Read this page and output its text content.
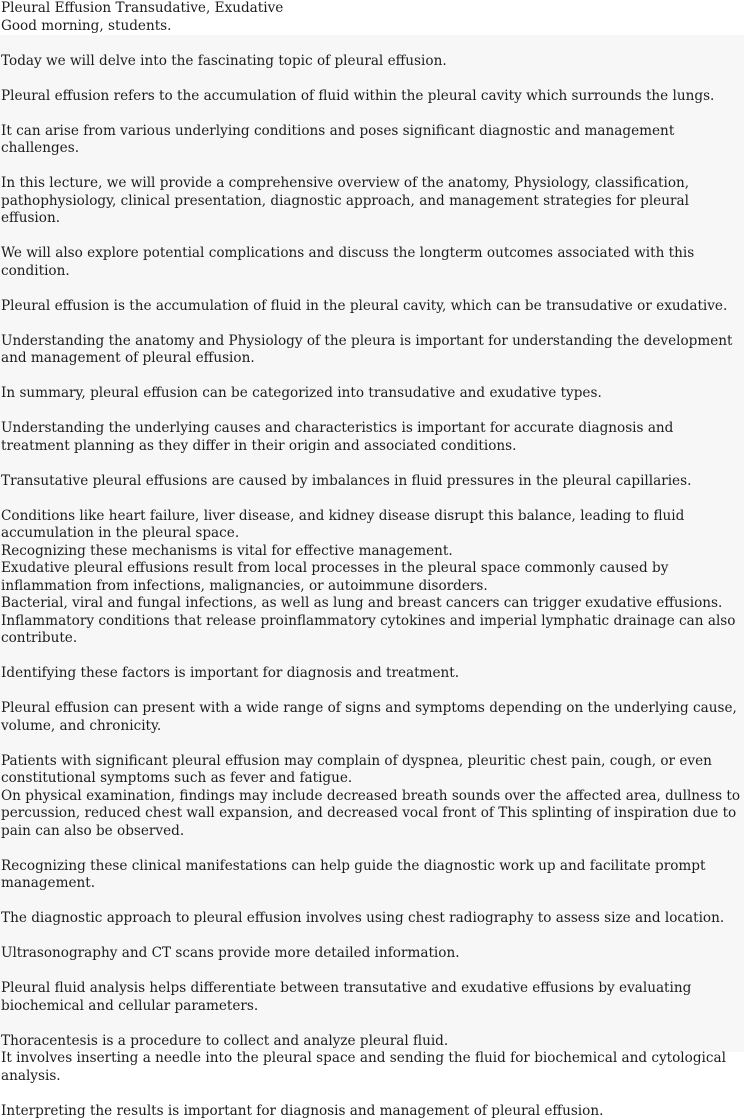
Pleural Effusion Transudative, Exudative

Good morning, students.

Today we will delve into the fascinating topic of pleural effusion.

Pleural effusion refers to the accumulation of fluid within the pleural cavity which surrounds the lungs.

It can arise from various underlying conditions and poses significant diagnostic and management challenges.

In this lecture, we will provide a comprehensive overview of the anatomy, Physiology, classification, pathophysiology, clinical presentation, diagnostic approach, and management strategies for pleural effusion.

We will also explore potential complications and discuss the longterm outcomes associated with this condition.

Pleural effusion is the accumulation of fluid in the pleural cavity, which can be transudative or exudative.

Understanding the anatomy and Physiology of the pleura is important for understanding the development and management of pleural effusion.

In summary, pleural effusion can be categorized into transudative and exudative types.

Understanding the underlying causes and characteristics is important for accurate diagnosis and treatment planning as they differ in their origin and associated conditions.

Transutative pleural effusions are caused by imbalances in fluid pressures in the pleural capillaries.

Conditions like heart failure, liver disease, and kidney disease disrupt this balance, leading to fluid accumulation in the pleural space.

Recognizing these mechanisms is vital for effective management.

Exudative pleural effusions result from local processes in the pleural space commonly caused by inflammation from infections, malignancies, or autoimmune disorders.

Bacterial, viral and fungal infections, as well as lung and breast cancers can trigger exudative effusions.

Inflammatory conditions that release proinflammatory cytokines and imperial lymphatic drainage can also contribute.

Identifying these factors is important for diagnosis and treatment.

Pleural effusion can present with a wide range of signs and symptoms depending on the underlying cause, volume, and chronicity.

Patients with significant pleural effusion may complain of dyspnea, pleuritic chest pain, cough, or even constitutional symptoms such as fever and fatigue.

On physical examination, findings may include decreased breath sounds over the affected area, dullness to percussion, reduced chest wall expansion, and decreased vocal front of This splinting of inspiration due to pain can also be observed.

Recognizing these clinical manifestations can help guide the diagnostic work up and facilitate prompt management.

The diagnostic approach to pleural effusion involves using chest radiography to assess size and location.

Ultrasonography and CT scans provide more detailed information.

Pleural fluid analysis helps differentiate between transutative and exudative effusions by evaluating biochemical and cellular parameters.

Thoracentesis is a procedure to collect and analyze pleural fluid.

It involves inserting a needle into the pleural space and sending the fluid for biochemical and cytological analysis.

Interpreting the results is important for diagnosis and management of pleural effusion.
